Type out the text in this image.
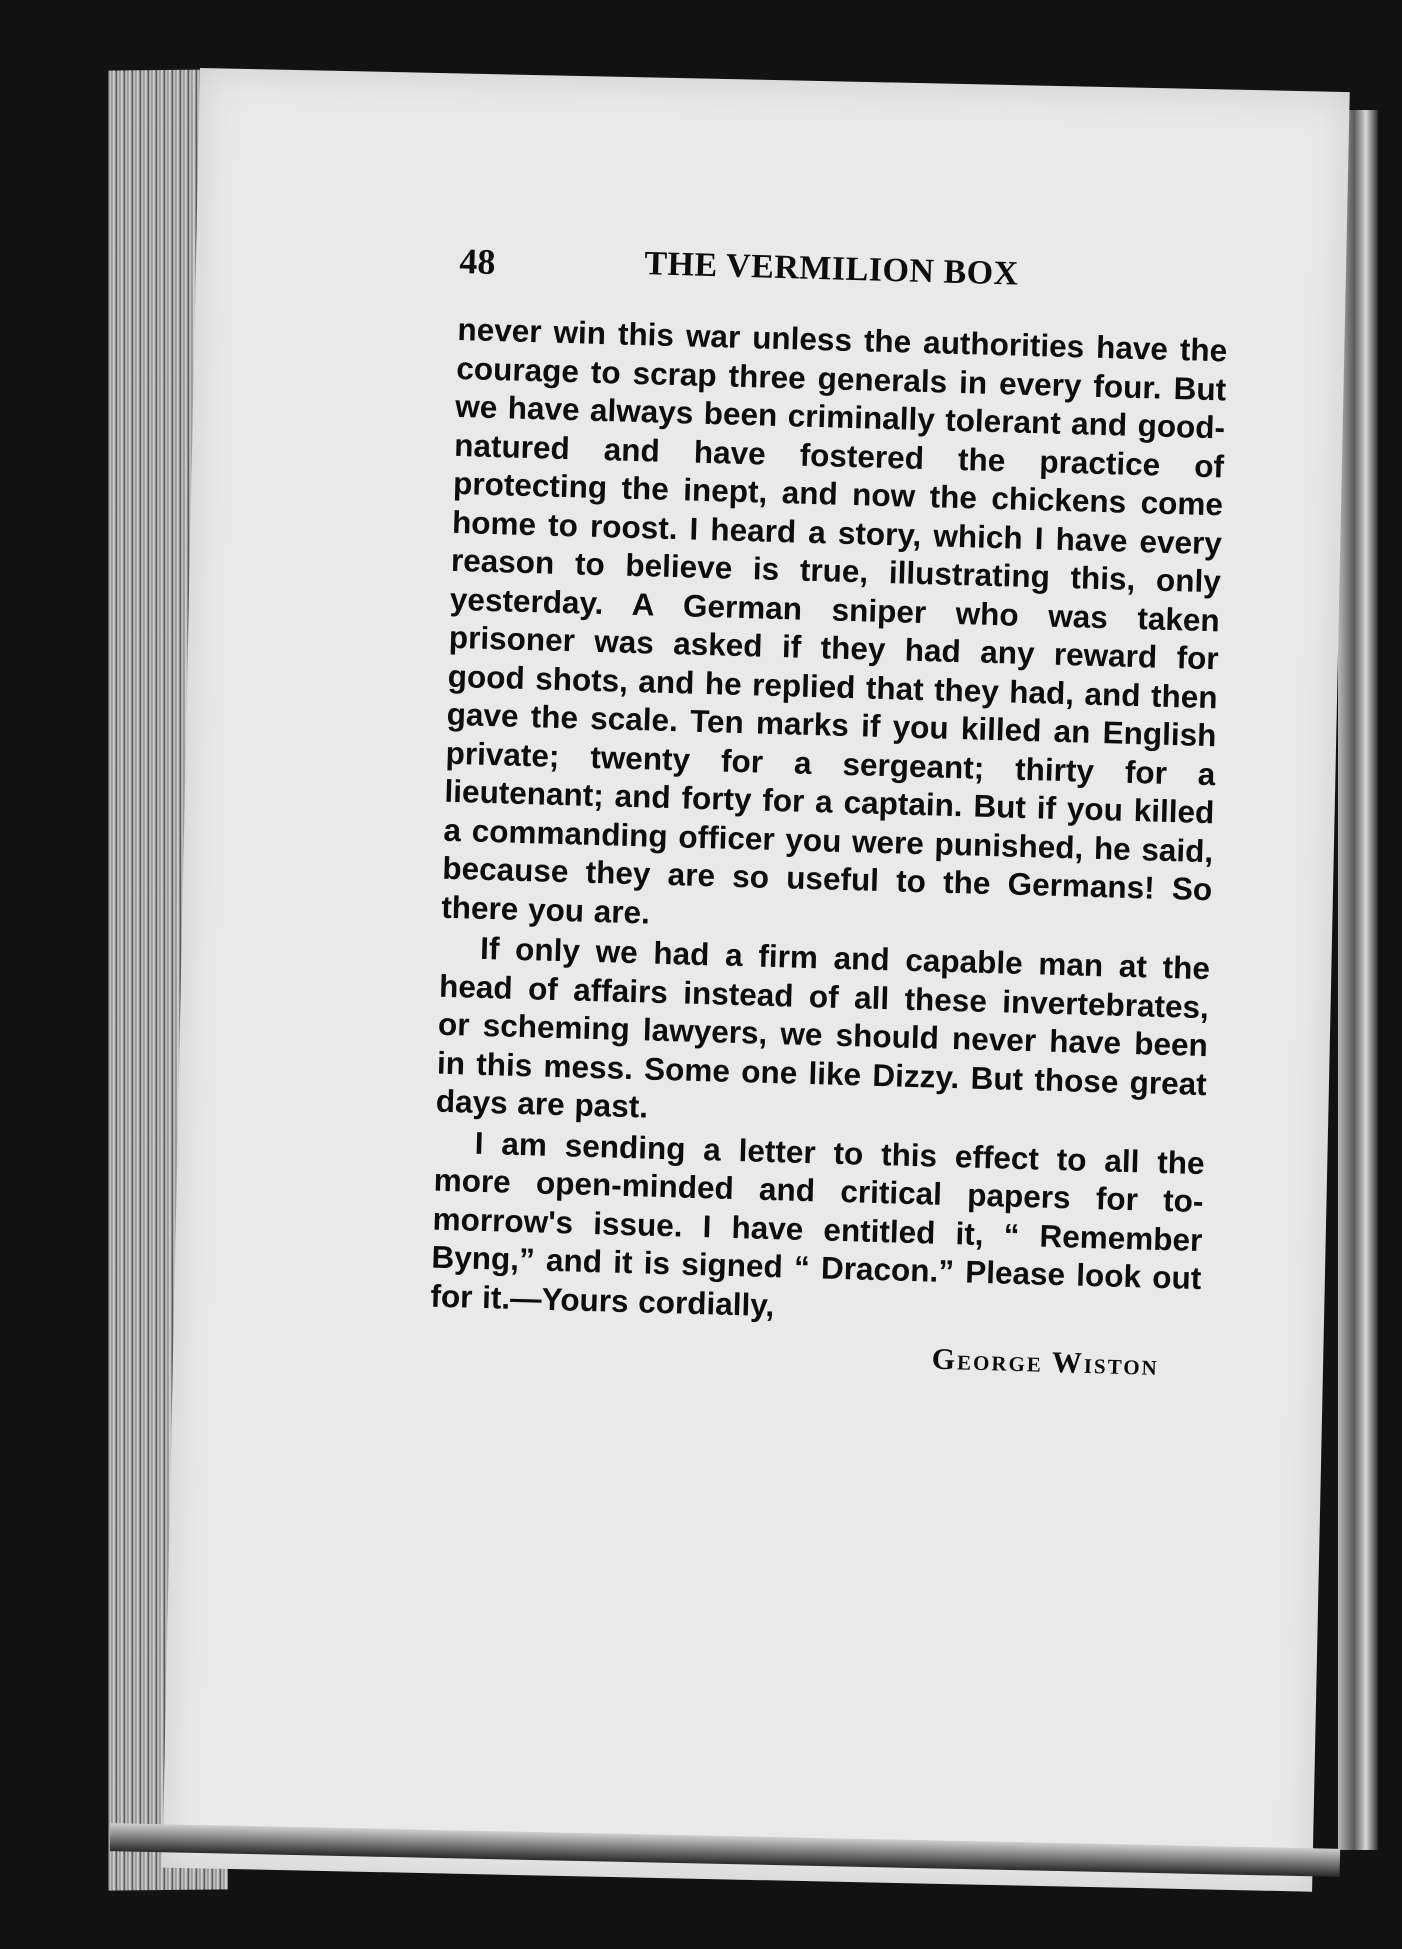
48	THE VERMILION BOX

never win this war unless the authorities have the courage to scrap three generals in every four. But we have always been criminally tolerant and good-natured and have fostered the practice of protecting the inept, and now the chickens come home to roost. I heard a story, which I have every reason to believe is true, illustrating this, only yesterday. A German sniper who was taken prisoner was asked if they had any reward for good shots, and he replied that they had, and then gave the scale. Ten marks if you killed an English private; twenty for a sergeant; thirty for a lieutenant; and forty for a captain. But if you killed a commanding officer you were punished, he said, because they are so useful to the Germans! So there you are.

If only we had a firm and capable man at the head of affairs instead of all these invertebrates, or scheming lawyers, we should never have been in this mess. Some one like Dizzy. But those great days are past.

I am sending a letter to this effect to all the more open-minded and critical papers for to-morrow's issue. I have entitled it, “ Remember Byng,” and it is signed “ Dracon.” Please look out for it.—Yours cordially,

George Wiston
